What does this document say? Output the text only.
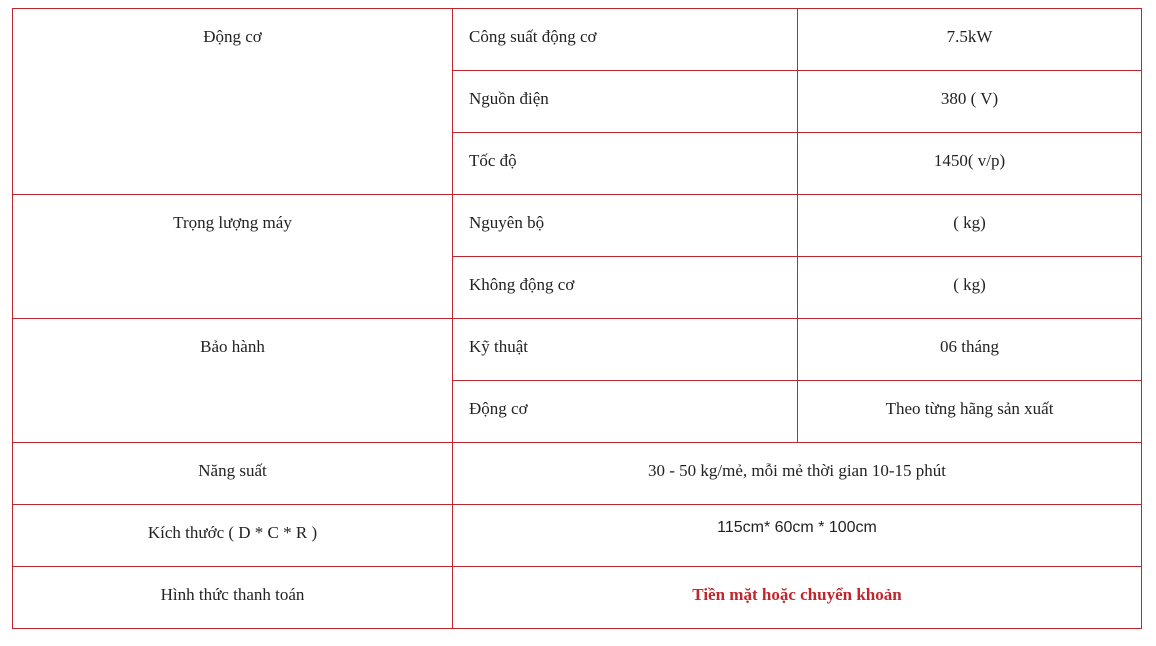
Động cơ	Công suất động cơ	7.5kW
	Nguồn điện	380 ( V)
	Tốc độ	1450( v/p)
Trọng lượng máy	Nguyên bộ	( kg)
	Không động cơ	( kg)
Bảo hành	Kỹ thuật	06 tháng
	Động cơ	Theo từng hãng sản xuất
Năng suất	30 - 50 kg/mẻ, mỗi mẻ thời gian 10-15 phút	
Kích thước ( D * C * R )	115cm* 60cm * 100cm	
Hình thức thanh toán	Tiền mặt hoặc chuyển khoản	
